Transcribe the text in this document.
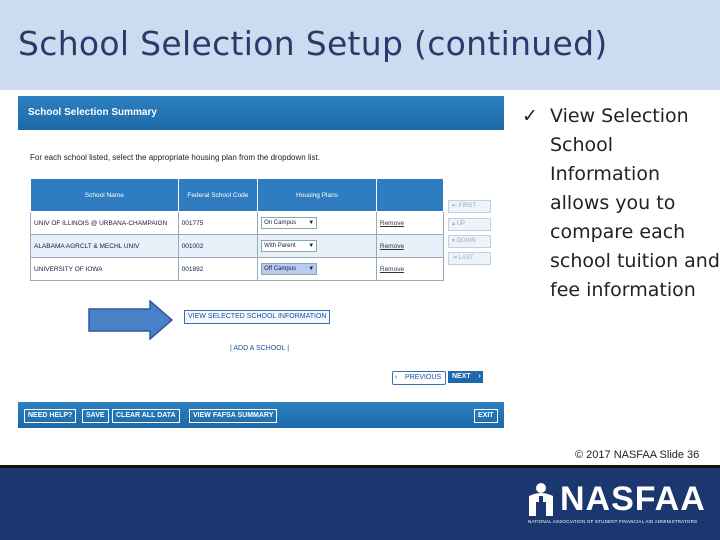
School Selection Setup (continued)
School Selection Summary
For each school listed, select the appropriate housing plan from the dropdown list.
School Name	Federal School Code	Housing Plans	
UNIV OF ILLINOIS @ URBANA-CHAMPAIGN	001775	On Campus ▼	Remove
ALABAMA AGRCLT & MECHL UNIV	001002	With Parent ▼	Remove
UNIVERSITY OF IOWA	001892	Off Campus ▼	Remove
⇤ FIRST
▴ UP
▾ DOWN
⇥ LAST
VIEW SELECTED SCHOOL INFORMATION
| ADD A SCHOOL |
‹ PREVIOUS	NEXT ›
NEED HELP?	SAVE	CLEAR ALL DATA	VIEW FAFSA SUMMARY	EXIT
✓ View Selection School Information allows you to compare each school tuition and fee information
© 2017 NASFAA Slide 36
NASFAA
NATIONAL ASSOCIATION OF STUDENT FINANCIAL AID ADMINISTRATORS
